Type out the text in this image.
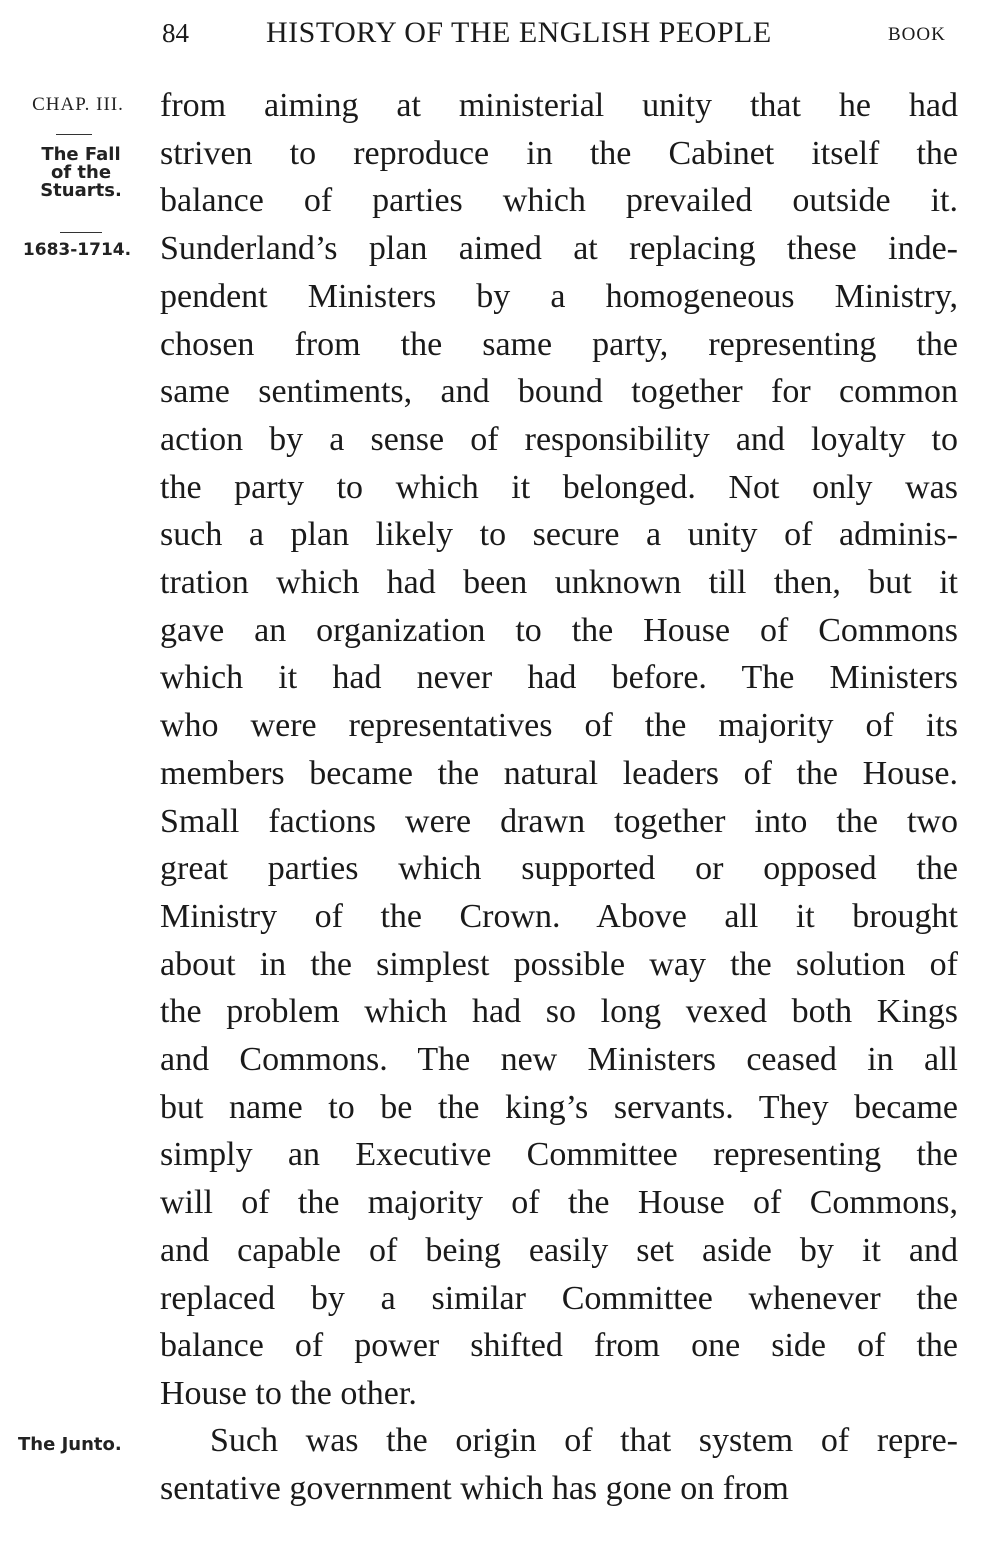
84	HISTORY OF THE ENGLISH PEOPLE	BOOK
CHAP. III.
The Fall
of the
Stuarts.
1683-1714.
The Junto.
from aiming at ministerial unity that he had
striven to reproduce in the Cabinet itself the
balance of parties which prevailed outside it.
Sunderland’s plan aimed at replacing these inde-
pendent Ministers by a homogeneous Ministry,
chosen from the same party, representing the
same sentiments, and bound together for common
action by a sense of responsibility and loyalty to
the party to which it belonged. Not only was
such a plan likely to secure a unity of adminis-
tration which had been unknown till then, but it
gave an organization to the House of Commons
which it had never had before. The Ministers
who were representatives of the majority of its
members became the natural leaders of the House.
Small factions were drawn together into the two
great parties which supported or opposed the
Ministry of the Crown. Above all it brought
about in the simplest possible way the solution of
the problem which had so long vexed both Kings
and Commons. The new Ministers ceased in all
but name to be the king’s servants. They became
simply an Executive Committee representing the
will of the majority of the House of Commons,
and capable of being easily set aside by it and
replaced by a similar Committee whenever the
balance of power shifted from one side of the
House to the other.
Such was the origin of that system of repre-
sentative government which has gone on from
